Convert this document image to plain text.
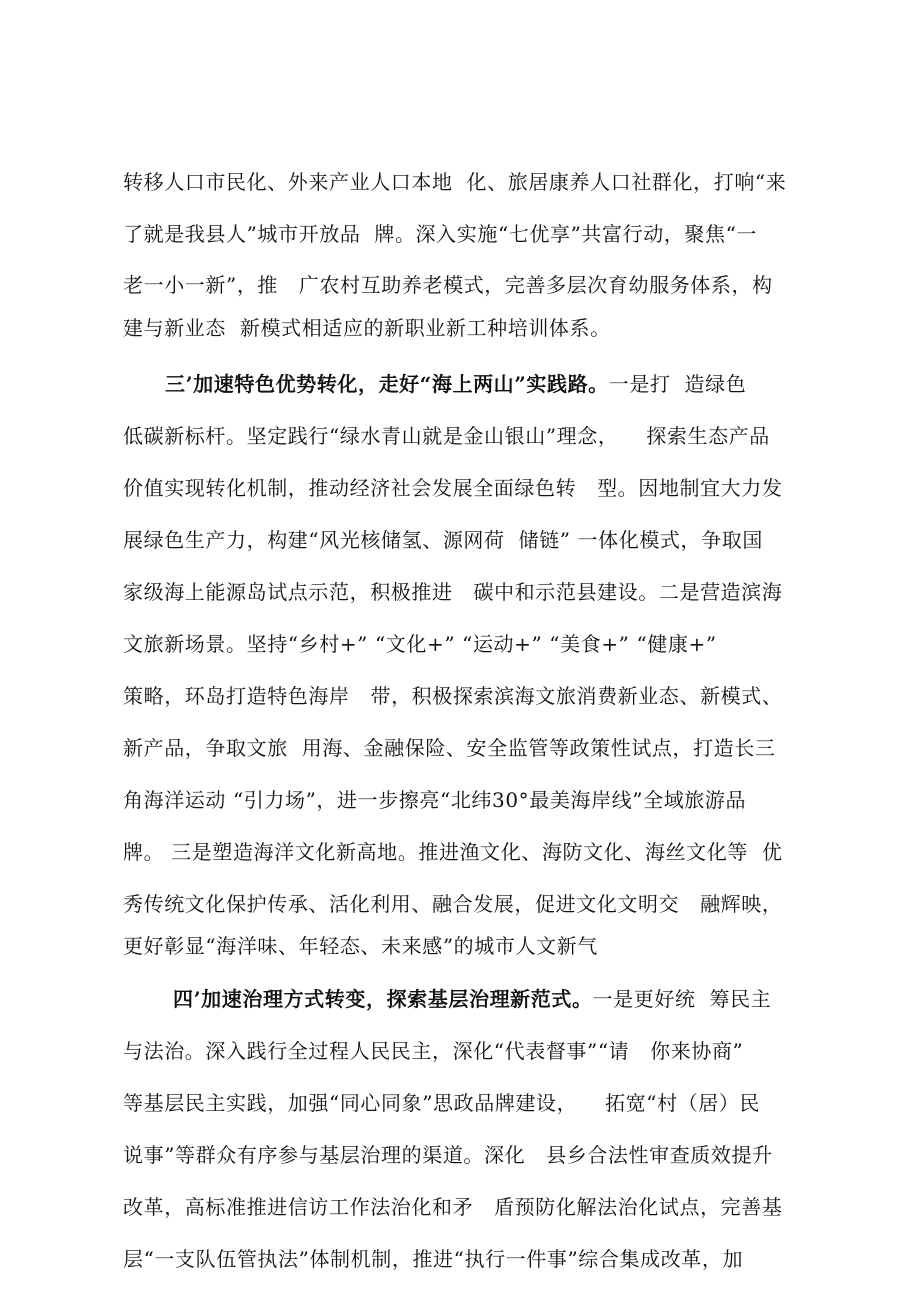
转移人口市民化、外来产业人口本地  化、旅居康养人口社群化，打响“来
了就是我县人”城市开放品  牌。深入实施“七优享”共富行动，聚焦“一
老一小一新”，推   广农村互助养老模式，完善多层次育幼服务体系，构
建与新业态  新模式相适应的新职业新工种培训体系。
三’加速特色优势转化，走好“海上两山”实践路。一是打  造绿色
低碳新标杆。坚定践行“绿水青山就是金山银山”理念，    探索生态产品
价值实现转化机制，推动经济社会发展全面绿色转   型。因地制宜大力发
展绿色生产力，构建“风光核储氢、源网荷  储链” 一体化模式，争取国
家级海上能源岛试点示范，积极推进   碳中和示范县建设。二是营造滨海
文旅新场景。坚持“乡村+” “文化+” “运动+” “美食+” “健康+”
策略，环岛打造特色海岸   带，积极探索滨海文旅消费新业态、新模式、
新产品，争取文旅  用海、金融保险、安全监管等政策性试点，打造长三
角海洋运动 “引力场”，进一步擦亮“北纬30°最美海岸线”全域旅游品
牌。 三是塑造海洋文化新高地。推进渔文化、海防文化、海丝文化等  优
秀传统文化保护传承、活化利用、融合发展，促进文化文明交   融辉映，
更好彰显“海洋味、年轻态、未来感”的城市人文新气
四’加速治理方式转变，探索基层治理新范式。一是更好统  筹民主
与法治。深入践行全过程人民民主，深化“代表督事”“请   你来协商”
等基层民主实践，加强“同心同象”思政品牌建设，    拓宽“村（居）民
说事”等群众有序参与基层治理的渠道。深化   县乡合法性审查质效提升
改革，高标准推进信访工作法治化和矛   盾预防化解法治化试点，完善基
层“一支队伍管执法”体制机制，推进“执行一件事”综合集成改革，加
